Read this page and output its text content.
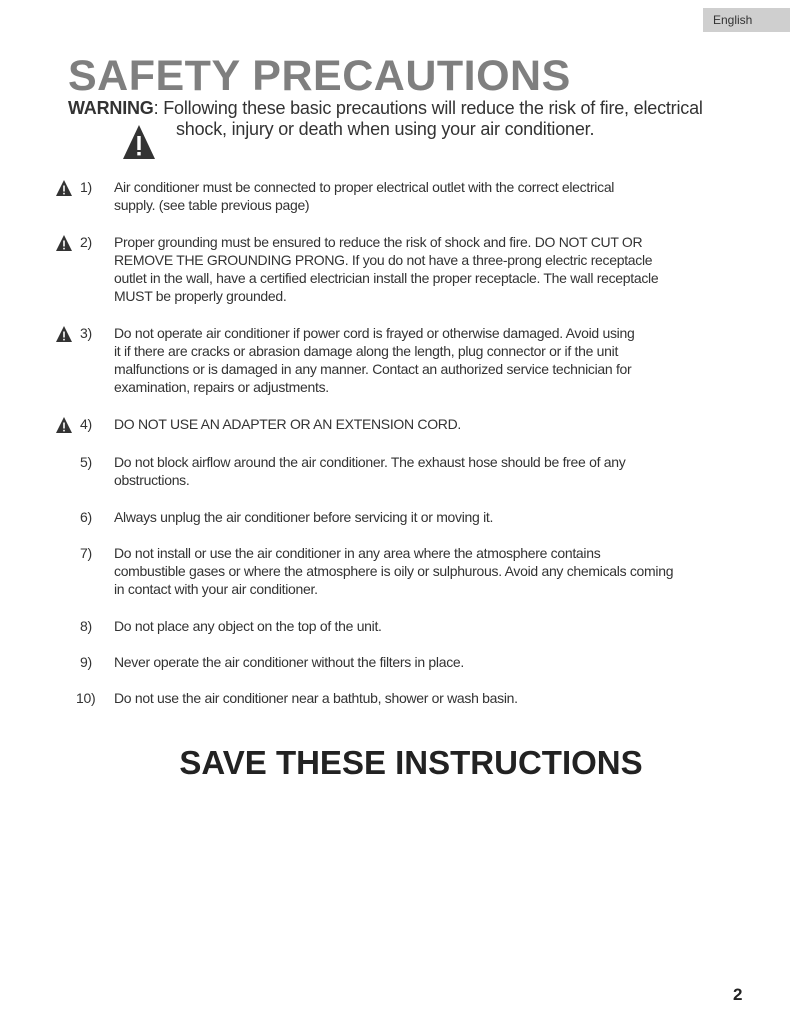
English
SAFETY PRECAUTIONS
WARNING: Following these basic precautions will reduce the risk of fire, electrical
shock, injury or death when using your air conditioner.
1)	Air conditioner must be connected to proper electrical outlet with the correct electrical
supply. (see table previous page)
2)	Proper grounding must be ensured to reduce the risk of shock and fire. DO NOT CUT OR
REMOVE THE GROUNDING PRONG. If you do not have a three-prong electric receptacle
outlet in the wall, have a certified electrician install the proper receptacle. The wall receptacle
MUST be properly grounded.
3)	Do not operate air conditioner if power cord is frayed or otherwise damaged. Avoid using
it if there are cracks or abrasion damage along the length, plug connector or if the unit
malfunctions or is damaged in any manner. Contact an authorized service technician for
examination, repairs or adjustments.
4)	DO NOT USE AN ADAPTER OR AN EXTENSION CORD.
5)	Do not block airflow around the air conditioner. The exhaust hose should be free of any
obstructions.
6)	Always unplug the air conditioner before servicing it or moving it.
7)	Do not install or use the air conditioner in any area where the atmosphere contains
combustible gases or where the atmosphere is oily or sulphurous. Avoid any chemicals coming
in contact with your air conditioner.
8)	Do not place any object on the top of the unit.
9)	Never operate the air conditioner without the filters in place.
10)	Do not use the air conditioner near a bathtub, shower or wash basin.
SAVE THESE INSTRUCTIONS
2
